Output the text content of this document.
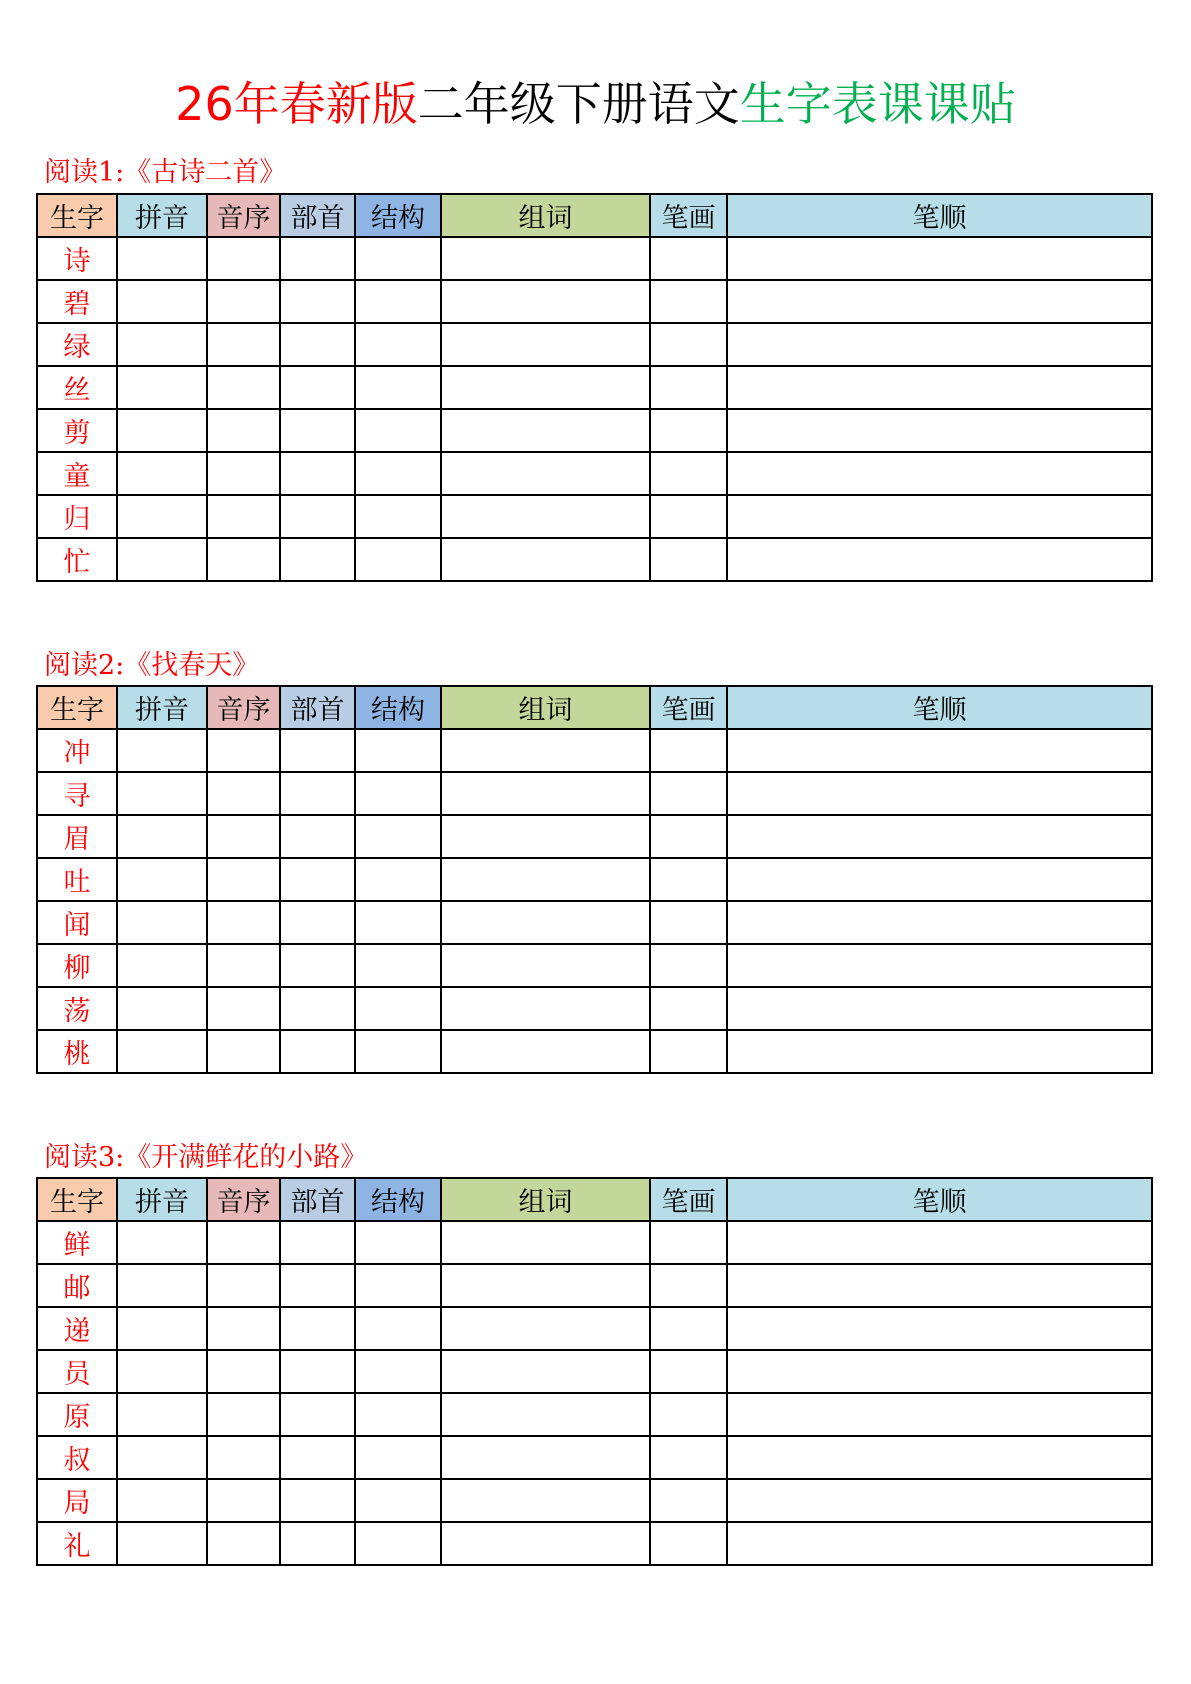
26年春新版二年级下册语文生字表课课贴
阅读1:《古诗二首》
生字	拼音	音序	部首	结构	组词	笔画	笔顺
诗							
碧							
绿							
丝							
剪							
童							
归							
忙							
阅读2:《找春天》
生字	拼音	音序	部首	结构	组词	笔画	笔顺
冲							
寻							
眉							
吐							
闻							
柳							
荡							
桃							
阅读3:《开满鲜花的小路》
生字	拼音	音序	部首	结构	组词	笔画	笔顺
鲜							
邮							
递							
员							
原							
叔							
局							
礼							
